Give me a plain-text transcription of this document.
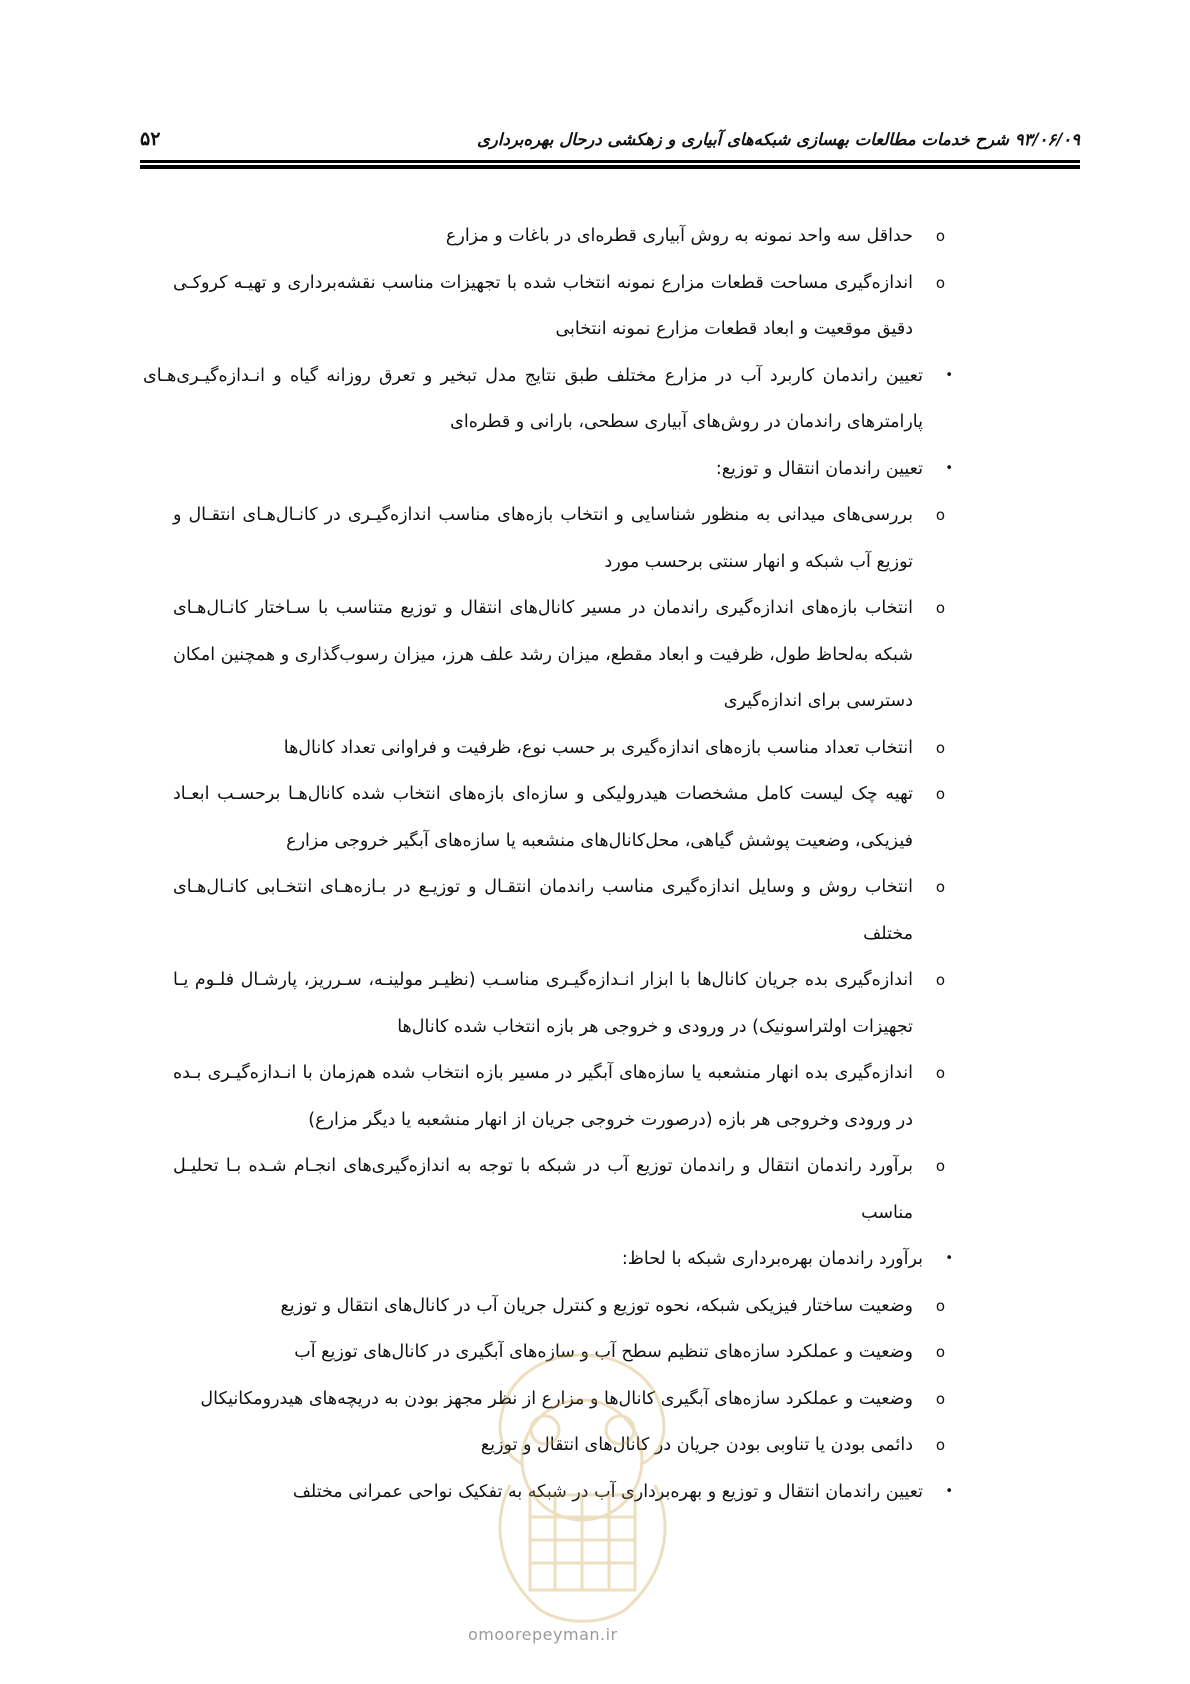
۹۳/۰۶/۰۹ شرح خدمات مطالعات بهسازی شبکه‌های آبیاری و زهکشی درحال بهره‌برداری
۵۲
o
حداقل سه واحد نمونه به روش آبیاری قطره‌ای در باغات و مزارع
o
اندازه‌گیری مساحت قطعات مزارع نمونه انتخاب شده با تجهیزات مناسب نقشه‌برداری و تهیـه کروکـی دقیق موقعیت و ابعاد قطعات مزارع نمونه انتخابی
•
تعیین راندمان کاربرد آب در مزارع مختلف طبق نتایج مدل تبخیر و تعرق روزانه گیاه و انـدازه‌گیـری‌هـای پارامترهای راندمان در روش‌های آبیاری سطحی، بارانی و قطره‌ای
•
تعیین راندمان انتقال و توزیع:
o
بررسی‌های میدانی به منظور شناسایی و انتخاب بازه‌های مناسب اندازه‌گیـری در کانـال‌هـای انتقـال و توزیع آب شبکه و انهار سنتی برحسب مورد
o
انتخاب بازه‌های اندازه‌گیری راندمان در مسیر کانال‌های انتقال و توزیع متناسب با سـاختار کانـال‌هـای شبکه به‌لحاظ طول، ظرفیت و ابعاد مقطع، میزان رشد علف هرز، میزان رسوب‌گذاری و همچنین امکان دسترسی برای اندازه‌گیری
o
انتخاب تعداد مناسب بازه‌های اندازه‌گیری بر حسب نوع، ظرفیت و فراوانی تعداد کانال‌ها
o
تهیه چک لیست کامل مشخصات هیدرولیکی و سازه‌ای بازه‌های انتخاب شده کانال‌هـا برحسـب ابعـاد فیزیکی، وضعیت پوشش گیاهی، محل‌کانال‌های منشعبه یا سازه‌های آبگیر خروجی مزارع
o
انتخاب روش و وسایل اندازه‌گیری مناسب راندمان انتقـال و توزیـع در بـازه‌هـای انتخـابی کانـال‌هـای مختلف
o
اندازه‌گیری بده جریان کانال‌ها با ابزار انـدازه‌گیـری مناسـب (نظیـر مولینـه، سـرریز، پارشـال فلـوم یـا تجهیزات اولتراسونیک) در ورودی و خروجی هر بازه انتخاب شده کانال‌ها
o
اندازه‌گیری بده انهار منشعبه یا سازه‌های آبگیر در مسیر بازه انتخاب شده هم‌زمان با انـدازه‌گیـری بـده در ورودی وخروجی هر بازه (درصورت خروجی جریان از انهار منشعبه یا دیگر مزارع)
o
برآورد راندمان انتقال و راندمان توزیع آب در شبکه با توجه به اندازه‌گیری‌های انجـام شـده بـا تحلیـل مناسب
•
برآورد راندمان بهره‌برداری شبکه با لحاظ:
o
وضعیت ساختار فیزیکی شبکه، نحوه توزیع و کنترل جریان آب در کانال‌های انتقال و توزیع
o
وضعیت و عملکرد سازه‌های تنظیم سطح آب و سازه‌های آبگیری در کانال‌های توزیع آب
o
وضعیت و عملکرد سازه‌های آبگیری کانال‌ها و مزارع از نظر مجهز بودن به دریچه‌های هیدرومکانیکال
o
دائمی بودن یا تناوبی بودن جریان در کانال‌های انتقال و توزیع
•
تعیین راندمان انتقال و توزیع و بهره‌برداری آب در شبکه به تفکیک نواحی عمرانی مختلف
omoorepeyman.ir
